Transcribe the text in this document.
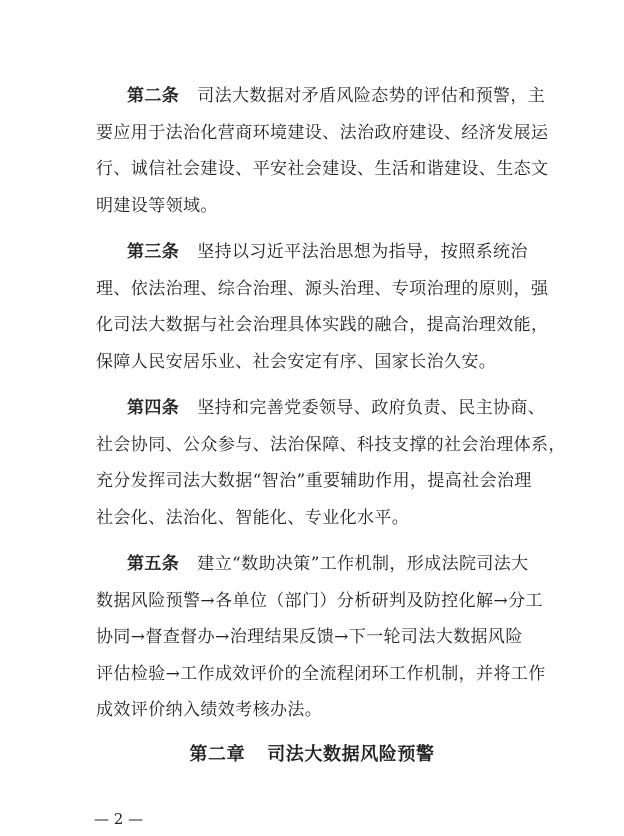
第二条 司法大数据对矛盾风险态势的评估和预警，主
要应用于法治化营商环境建设、法治政府建设、经济发展运
行、诚信社会建设、平安社会建设、生活和谐建设、生态文
明建设等领域。

第三条 坚持以习近平法治思想为指导，按照系统治
理、依法治理、综合治理、源头治理、专项治理的原则，强
化司法大数据与社会治理具体实践的融合，提高治理效能，
保障人民安居乐业、社会安定有序、国家长治久安。

第四条 坚持和完善党委领导、政府负责、民主协商、
社会协同、公众参与、法治保障、科技支撑的社会治理体系，
充分发挥司法大数据“智治”重要辅助作用，提高社会治理
社会化、法治化、智能化、专业化水平。

第五条 建立“数助决策”工作机制，形成法院司法大
数据风险预警→各单位（部门）分析研判及防控化解→分工
协同→督查督办→治理结果反馈→下一轮司法大数据风险
评估检验→工作成效评价的全流程闭环工作机制，并将工作
成效评价纳入绩效考核办法。

第二章 司法大数据风险预警
— 2 —
